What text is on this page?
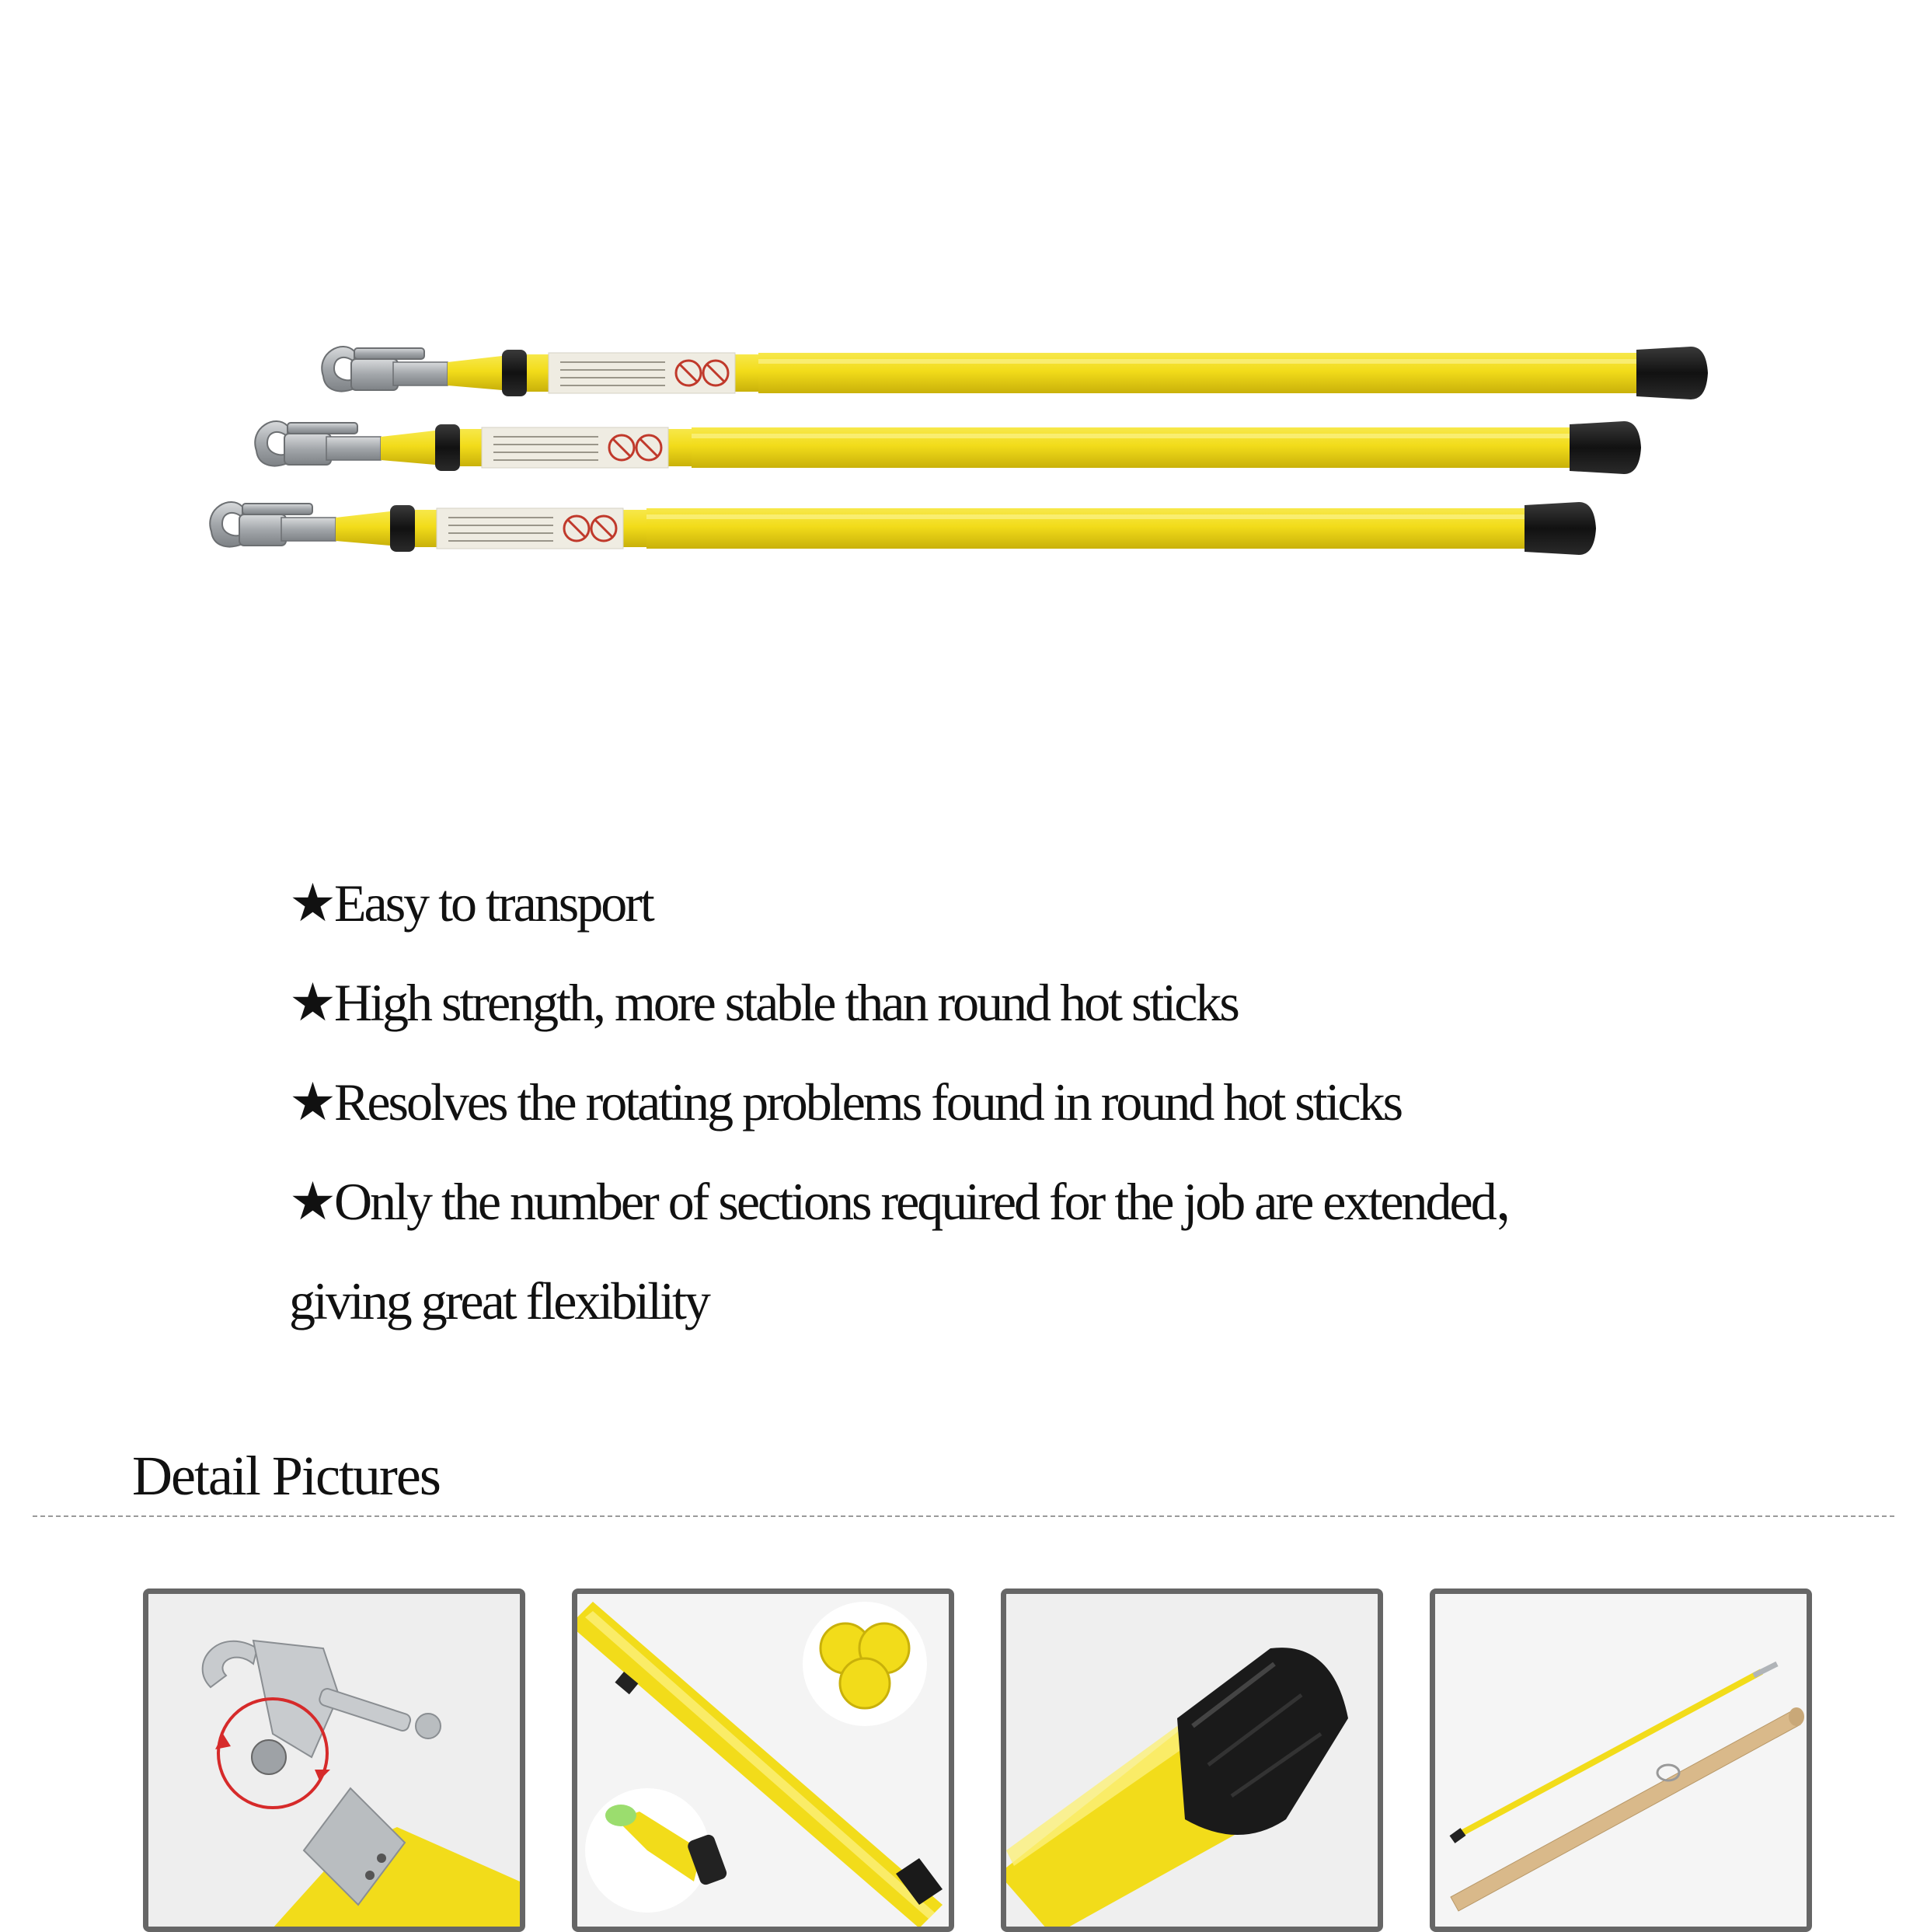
★Easy to transport

★High strength, more stable than round hot sticks

★Resolves the rotating problems found in round hot sticks

★Only the number of sections required for the job are extended，

giving great flexibility

Detail Pictures
